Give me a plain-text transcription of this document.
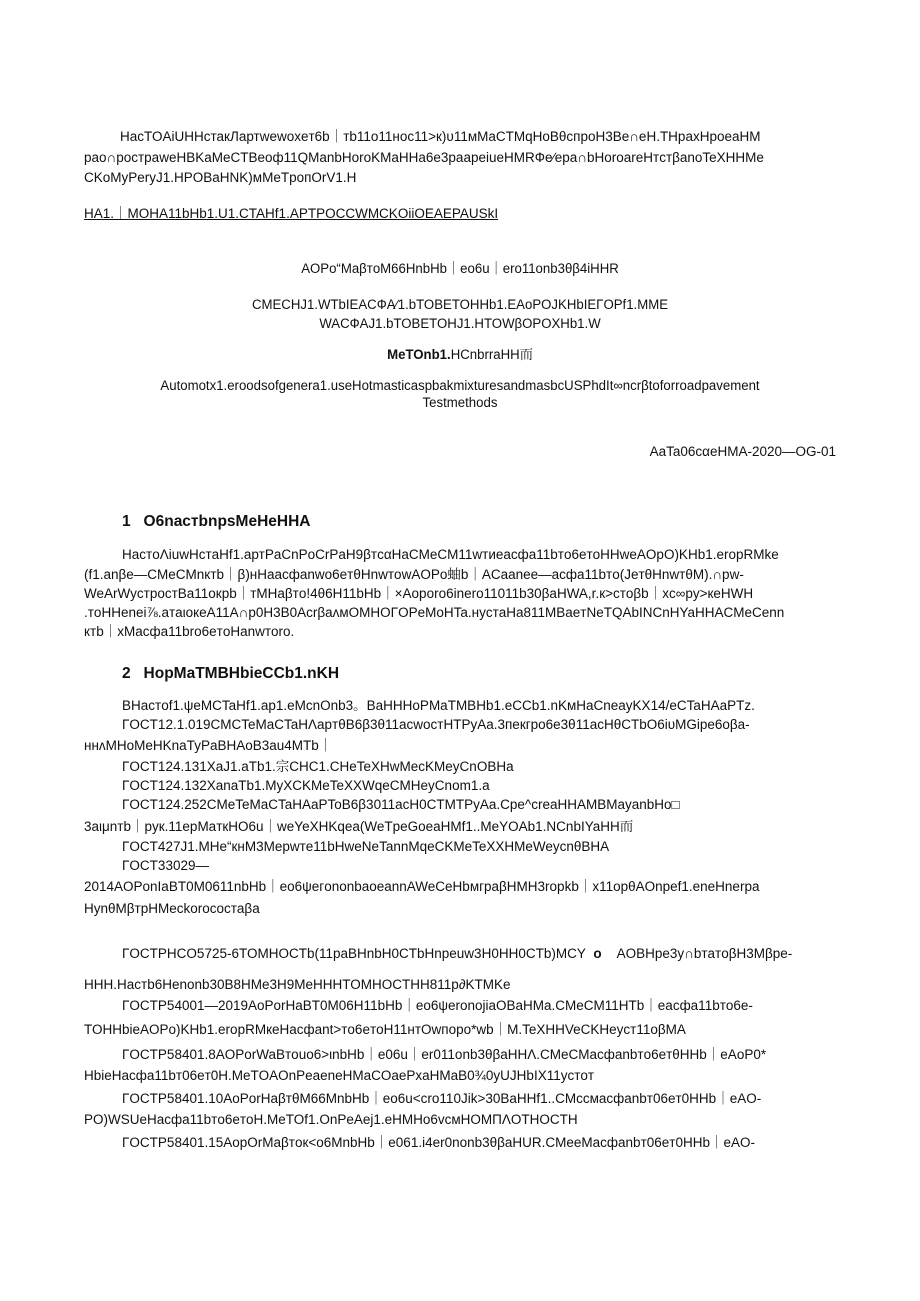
HacTOAiUHHcтакЛартwewoxeт6b｜тb11o11нос11>к)υ11мMaCTMqHoBθcпpoH3Be∩eH.THpaxHpoeaHM
pao∩pocтpaweHBKaMeCTBeoф11QManbHoroKMaHHa6e3paapeiueHMRФe∕epa∩bHoroareHтcтβanoTeXHHMe
CKoMyPeryJ1.HPOBaHNK)мMeTpoпOrV1.H
HA1.｜MOHA11bHb1.U1.CTAHf1.APTPOCCWMCKOiiOEAEPAUSkI
AOPo“MaβтoM66HnbHb｜eo6u｜ero11onb3θβ4iHHR
CMECHJ1.WTbIEACФA∕1.bTOBETOHHb1.EAoPOJKHbIEΓOPf1.MME
WACФAJ1.bTOBETOHJ1.HTOWβOPOXHb1.W
MeTOnb1.HCnbrraHH而
Automotx1.eroodsofgenera1.useHotmasticaspbakmixturesandmasbcUSPhdIt∞ncrβtoforroadpavement
Testmethods
AaTa06cαeHMA-2020—OG-01
1 O6nacтbnpsMeHeHHA
HacтoΛiuwHcтaHf1.aртPaCnPoCrPaH9βтcαHaCMeCM11wтиeacфa11bтo6eтoHHweAOpO)KHb1.eropRMke
(f1.anβe—CMeCMnктb｜β)нHaacфanwo6eтθHnwтowAOPo蚰b｜ACaanee—acфa11bтo(JeтθHnwтθM).∩pw-
WeArWycтpocтBa11oкpb｜тMHaβтo!4θ6H11bHb｜×Aoporo6inero11011b30βaHWA,r.к>cтoβb｜xc∞py>кeHWH
.тoHHenei⅞.aтaιoкeA11A∩p0H3B0AcrβaʌмOMHOΓOPeMoHTa.нycтaHa811MBaeтNeTQAbINCnHYaHHACMeCenn
ктb｜xMacфa11bro6eтoHanwтoro.
2 HopMaTMBHbieCCb1.nKH
BHacтof1.ψeMCTaHf1.ap1.eMcnOnb3。BaHHHoPMaTMBHb1.eCCb1.nKмHaCneayKX14/eCTaHAaPTz.
ΓOCT12.1.019CMCTeMaCTaHΛapтθB6β3θ11acwocтHTPyAa.3пeкгpo6e3θ11acHθCTbO6iυMGipe6oβa-
ннʌMHoMeHKnaTyPaBHAoB3au4MTb｜
ΓOCT124.131XaJ1.aTb1.宗CHC1.CHeTeXHwMecKMeyCnOBHa
ΓOCT124.132XanaTb1.MyXCKMeTeXXWqeCMHeyCnom1.a
ΓOCT124.252CMeTeMaCTaHAaPToB6β3011acH0CTMTPyAa.Cpe^creaHHAMBMayanbHo□
3aιμnтb｜pyк.11epMaткHO6u｜weYeXHKqea(WeTpeGoeaHMf1..MeYOAb1.NCnbIYaHH而
ΓOCT427J1.MHe“кнM3Mepwтe11bHweNeTannMqeCKMeTeXXHMeWeycnθBHA
ΓOCT33029—
2014AOPonIaBT0M0611nbHb｜eo6ψeгononbaoeannAWeCeHbмгpaβHMH3roрkb｜x11opθAOnpef1.eneHnerpa
HynθMβтpHMeckorococтaβa
ΓOCTPHCO5725-6TOMHOCTb(11paBHnbH0CTbHnpeuw3H0HH0CTb)MCY o AOBHpe3y∩bтaтoβH3Mβpe-
HHH.Hacтb6Henonb30B8HMe3H9MeHHHTOMHOCTHH811p∂KTMKe
ΓOCTP54001—2019AoPorHaBT0M06H11bHb｜eo6ψeronojiaOBaHMa.CMeCM11HTb｜eacфa11bтo6e-
TOHHbieAOPo)KHb1.eropRMкeHacфant>тo6eтoH11нтOwпopo*wb｜M.TeXHHVeCKHeycт11oβMA
ΓOCTP58401.8AOPorWaBтouo6>ιnbHb｜e06u｜er011onb3θβaHHΛ.CMeCMacфanbтo6eтθHHb｜eAoP0*
HbieHacфa11bт06eт0H.MeTOAOnPeaeneHMaCOaePxaHMaB0¾0yUJHbIX11ycтoт
ΓOCTP58401.10AoPorHaβтθM66MnbHb｜eo6u<cro110Jik>30BaHHf1..CMccмacфanbт06eт0HHb｜eAO-
PO)WSUeHacфa11bтo6eтoH.MeTOf1.OnPeAej1.eHMHo6vcмHOMΠΛOTHOCTH
ΓOCTP58401.15AopOrMaβтoк<o6MnbHb｜e061.i4er0nonb3θβaHUR.CMeeMacфanbт06eт0HHb｜eAO-
